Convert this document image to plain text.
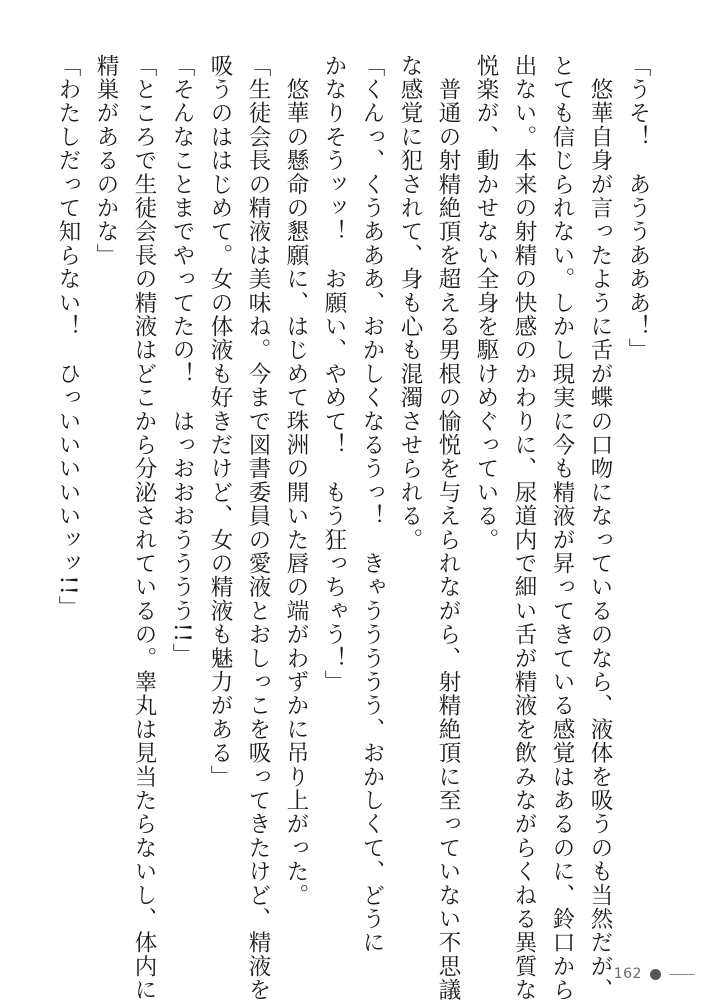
「うそ！　あううあああ！」

　悠華自身が言ったように舌が蝶の口吻になっているのなら、液体を吸うのも当然だが、

とても信じられない。しかし現実に今も精液が昇ってきている感覚はあるのに、鈴口から

出ない。本来の射精の快感のかわりに、尿道内で細い舌が精液を飲みながらくねる異質な

悦楽が、動かせない全身を駆けめぐっている。

　普通の射精絶頂を超える男根の愉悦を与えられながら、射精絶頂に至っていない不思議

な感覚に犯されて、身も心も混濁させられる。

「くんっ、くうあああ、おかしくなるうっ！　きゃううううう、おかしくて、どうに

かなりそうッッ！　お願い、やめて！　もう狂っちゃう！」

　悠華の懸命の懇願に、はじめて珠洲の開いた唇の端がわずかに吊り上がった。

「生徒会長の精液は美味ね。今まで図書委員の愛液とおしっこを吸ってきたけど、精液を

吸うのははじめて。女の体液も好きだけど、女の精液も魅力がある」

「そんなことまでやってたの！　はっおおおうううう!!」

「ところで生徒会長の精液はどこから分泌されているの。睾丸は見当たらないし、体内に

精巣があるのかな」

「わたしだって知らない！　ひっいいいいいッッ!!」

162
